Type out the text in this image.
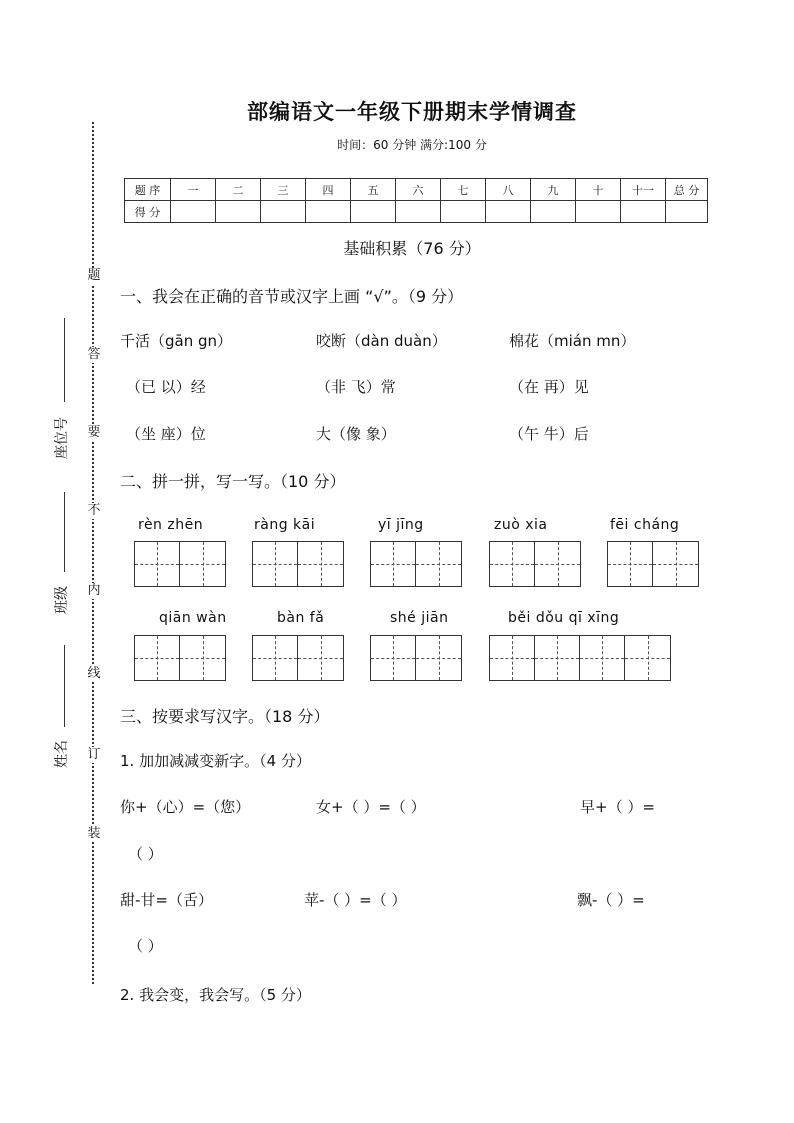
题
答
要
不
内
线
订
装
座位号
班级
姓名
部编语文一年级下册期末学情调查
时间：60 分钟 满分:100 分
题 序	一	二	三	四	五	六	七	八	九	十	十一	总 分
得 分												
基础积累（76 分）
一、我会在正确的音节或汉字上画 “√”。（9 分）
千活（gān gn）	咬断（dàn duàn）	棉花（mián mn）
（已 以）经	（非 飞）常	（在 再）见
（坐 座）位	大（像 象）	（午 牛）后
二、拼一拼，写一写。（10 分）
rèn zhēn	ràng kāi	yī jīng	zuò xia	fēi cháng
qiān wàn	bàn fǎ	shé jiān	běi dǒu qī xīng
三、按要求写汉字。（18 分）
1. 加加减减变新字。（4 分）
你+（心）=（您）	女+（ ）=（ ）	早+（ ）=
（ ）
甜-甘=（舌）	苹-（ ）=（ ）	飘-（ ）=
（ ）
2. 我会变，我会写。（5 分）
